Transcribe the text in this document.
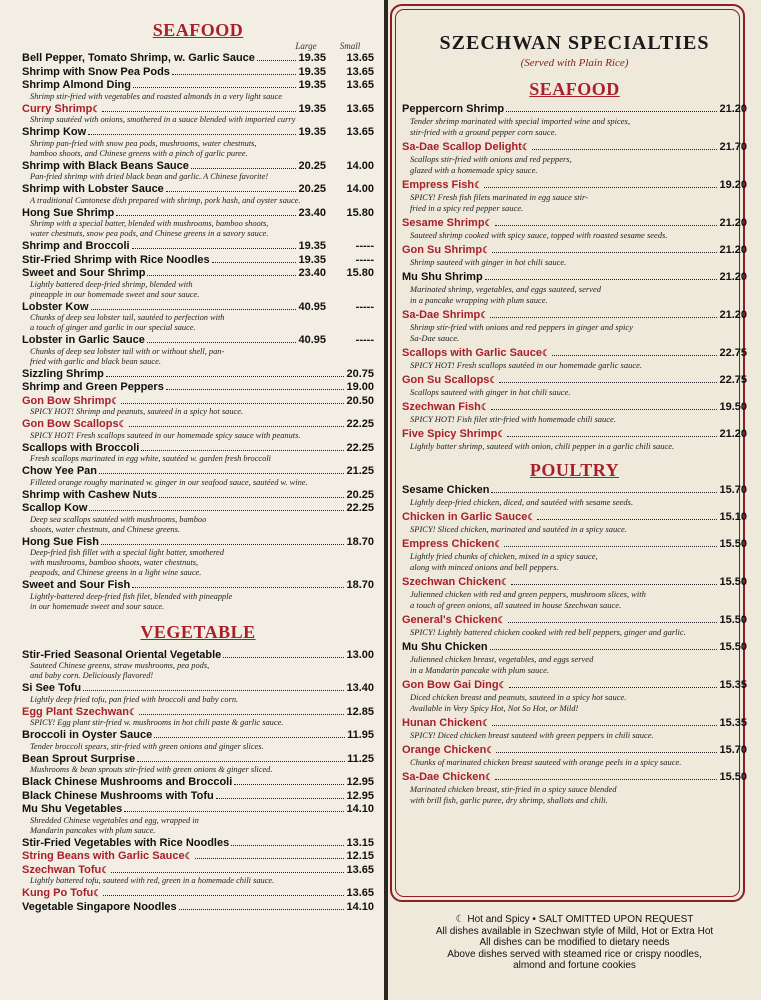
SEAFOOD
Large	Small
Bell Pepper, Tomato Shrimp, w. Garlic Sauce	19.35	13.65
Shrimp with Snow Pea Pods	19.35	13.65
Shrimp Almond Ding	19.35	13.65
Shrimp stir-fried with vegetables and roasted almonds in a very light sauce
Curry Shrimp ☾	19.35	13.65
Shrimp sautéed with onions, smothered in a sauce blended with imported curry
Shrimp Kow	19.35	13.65
Shrimp pan-fried with snow pea pods, mushrooms, water chestnuts,
bamboo shoots, and Chinese greens with a pinch of garlic puree.
Shrimp with Black Beans Sauce	20.25	14.00
Pan-fried shrimp with dried black bean and garlic. A Chinese favorite!
Shrimp with Lobster Sauce	20.25	14.00
A traditional Cantonese dish prepared with shrimp, pork hash, and oyster sauce.
Hong Sue Shrimp	23.40	15.80
Shrimp with a special batter, blended with mushrooms, bamboo shoots,
water chestnuts, snow pea pods, and Chinese greens in a savory sauce.
Shrimp and Broccoli	19.35	-----
Stir-Fried Shrimp with Rice Noodles	19.35	-----
Sweet and Sour Shrimp	23.40	15.80
Lightly battered deep-fried shrimp, blended with
pineapple in our homemade sweet and sour sauce.
Lobster Kow	40.95	-----
Chunks of deep sea lobster tail, sautéed to perfection with
a touch of ginger and garlic in our special sauce.
Lobster in Garlic Sauce	40.95	-----
Chunks of deep sea lobster tail with or without shell, pan-
fried with garlic and black bean sauce.
Sizzling Shrimp	20.75
Shrimp and Green Peppers	19.00
Gon Bow Shrimp ☾	20.50
SPICY HOT! Shrimp and peanuts, sauteed in a spicy hot sauce.
Gon Bow Scallops ☾	22.25
SPICY HOT! Fresh scallops sauteed in our homemade spicy sauce with peanuts.
Scallops with Broccoli	22.25
Fresh scallops marinated in egg white, sautéed w. garden fresh broccoli
Chow Yee Pan	21.25
Filleted orange roughy marinated w. ginger in our seafood sauce, sautéed w. wine.
Shrimp with Cashew Nuts	20.25
Scallop Kow	22.25
Deep sea scallops sautéed with mushrooms, bamboo
shoots, water chestnuts, and Chinese greens.
Hong Sue Fish	18.70
Deep-fried fish fillet with a special light batter, smothered
with mushrooms, bamboo shoots, water chestnuts,
peapods, and Chinese greens in a light wine sauce.
Sweet and Sour Fish	18.70
Lightly-battered deep-fried fish filet, blended with pineapple
in our homemade sweet and sour sauce.
VEGETABLE
Stir-Fried Seasonal Oriental Vegetable	13.00
Sauteed Chinese greens, straw mushrooms, pea pods,
and baby corn. Deliciously flavored!
Si See Tofu	13.40
Lightly deep fried tofu, pan fried with broccoli and baby corn.
Egg Plant Szechwan ☾	12.85
SPICY! Egg plant stir-fried w. mushrooms in hot chili paste & garlic sauce.
Broccoli in Oyster Sauce	11.95
Tender broccoli spears, stir-fried with green onions and ginger slices.
Bean Sprout Surprise	11.25
Mushrooms & bean sprouts stir-fried with green onions & ginger sliced.
Black Chinese Mushrooms and Broccoli	12.95
Black Chinese Mushrooms with Tofu	12.95
Mu Shu Vegetables	14.10
Shredded Chinese vegetables and egg, wrapped in
Mandarin pancakes with plum sauce.
Stir-Fried Vegetables with Rice Noodles	13.15
String Beans with Garlic Sauce ☾	12.15
Szechwan Tofu ☾	13.65
Lightly battered tofu, sauteed with red, green in a homemade chili sauce.
Kung Po Tofu ☾	13.65
Vegetable Singapore Noodles	14.10
SZECHWAN SPECIALTIES
(Served with Plain Rice)
SEAFOOD
Peppercorn Shrimp	21.20
Tender shrimp marinated with special imported wine and spices,
stir-fried with a ground pepper corn sauce.
Sa-Dae Scallop Delight ☾	21.70
Scallops stir-fried with onions and red peppers,
glazed with a homemade spicy sauce.
Empress Fish ☾	19.20
SPICY! Fresh fish filets marinated in egg sauce stir-
fried in a spicy red pepper sauce.
Sesame Shrimp ☾	21.20
Sauteed shrimp cooked with spicy sauce, topped with roasted sesame seeds.
Gon Su Shrimp ☾	21.20
Shrimp sauteed with ginger in hot chili sauce.
Mu Shu Shrimp	21.20
Marinated shrimp, vegetables, and eggs sauteed, served
in a pancake wrapping with plum sauce.
Sa-Dae Shrimp ☾	21.20
Shrimp stir-fried with onions and red peppers in ginger and spicy
Sa-Dae sauce.
Scallops with Garlic Sauce ☾	22.75
SPICY HOT! Fresh scallops sautéed in our homemade garlic sauce.
Gon Su Scallops ☾	22.75
Scallops sauteed with ginger in hot chili sauce.
Szechwan Fish ☾	19.50
SPICY HOT! Fish filet stir-fried with homemade chili sauce.
Five Spicy Shrimp ☾	21.20
Lightly batter shrimp, sauteed with onion, chili pepper in a garlic chili sauce.
POULTRY
Sesame Chicken	15.70
Lightly deep-fried chicken, diced, and sautéed with sesame seeds.
Chicken in Garlic Sauce ☾	15.10
SPICY! Sliced chicken, marinated and sautéed in a spicy sauce.
Empress Chicken ☾	15.50
Lightly fried chunks of chicken, mixed in a spicy sauce,
along with minced onions and bell peppers.
Szechwan Chicken ☾	15.50
Julienned chicken with red and green peppers, mushroom slices, with
a touch of green onions, all sauteed in house Szechwan sauce.
General's Chicken ☾	15.50
SPICY! Lightly battered chicken cooked with red bell peppers, ginger and garlic.
Mu Shu Chicken	15.50
Julienned chicken breast, vegetables, and eggs served
in a Mandarin pancake with plum sauce.
Gon Bow Gai Ding ☾	15.35
Diced chicken breast and peanuts, sauteed in a spicy hot sauce.
Available in Very Spicy Hot, Not So Hot, or Mild!
Hunan Chicken ☾	15.35
SPICY! Diced chicken breast sauteed with green peppers in chili sauce.
Orange Chicken ☾	15.70
Chunks of marinated chicken breast sauteed with orange peels in a spicy sauce.
Sa-Dae Chicken ☾	15.50
Marinated chicken breast, stir-fried in a spicy sauce blended
with brill fish, garlic puree, dry shrimp, shallots and chili.
☾ Hot and Spicy • SALT OMITTED UPON REQUEST
All dishes available in Szechwan style of Mild, Hot or Extra Hot
All dishes can be modified to dietary needs
Above dishes served with steamed rice or crispy noodles,
almond and fortune cookies
